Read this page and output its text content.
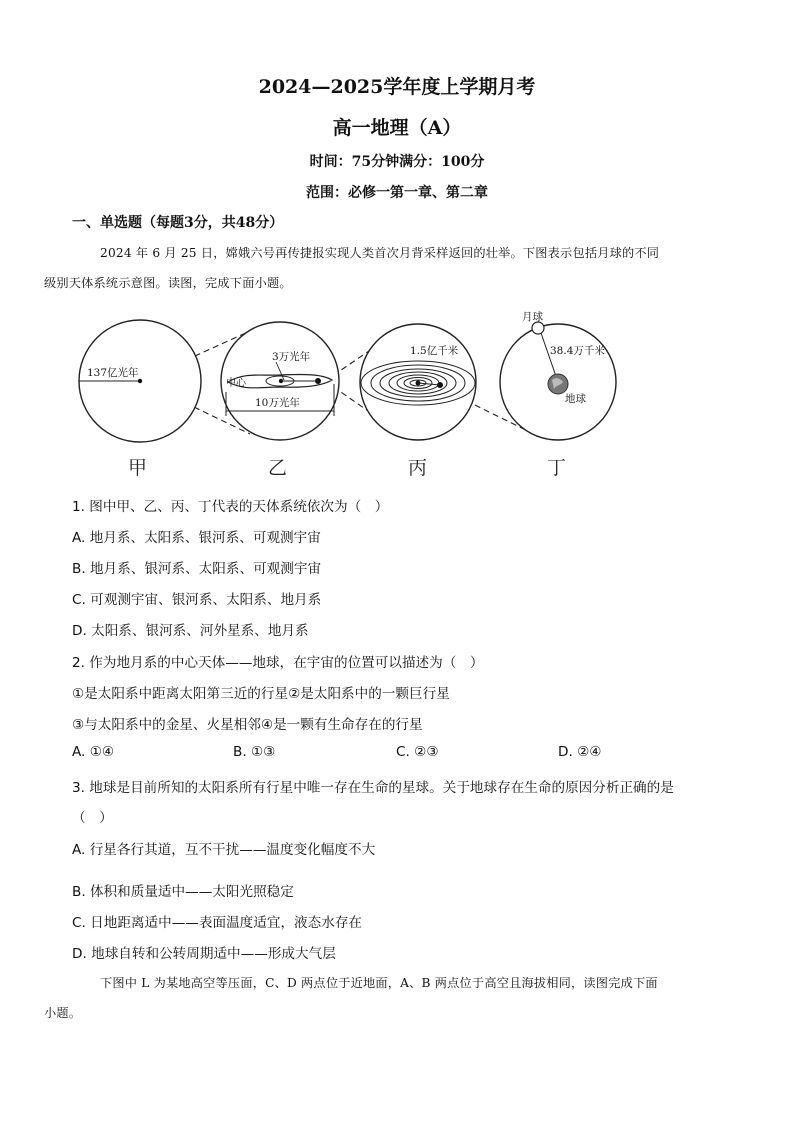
2024—2025学年度上学期月考
高一地理（A）
时间：75分钟满分：100分
范围：必修一第一章、第二章
一、单选题（每题3分，共48分）
2024 年 6 月 25 日，嫦娥六号再传捷报实现人类首次月背采样返回的壮举。下图表示包括月球的不同
级别天体系统示意图。读图，完成下面小题。
137亿光年
3万光年
中心
10万光年
1.5亿千米
月球
38.4万千米
地球
甲	乙	丙	丁
1. 图中甲、乙、丙、丁代表的天体系统依次为（　）
A. 地月系、太阳系、银河系、可观测宇宙
B. 地月系、银河系、太阳系、可观测宇宙
C. 可观测宇宙、银河系、太阳系、地月系
D. 太阳系、银河系、河外星系、地月系
2. 作为地月系的中心天体——地球，在宇宙的位置可以描述为（　）
①是太阳系中距离太阳第三近的行星②是太阳系中的一颗巨行星
③与太阳系中的金星、火星相邻④是一颗有生命存在的行星
A. ①④	B. ①③	C. ②③	D. ②④
3. 地球是目前所知的太阳系所有行星中唯一存在生命的星球。关于地球存在生命的原因分析正确的是
（　）
A. 行星各行其道，互不干扰——温度变化幅度不大
B. 体积和质量适中——太阳光照稳定
C. 日地距离适中——表面温度适宜，液态水存在
D. 地球自转和公转周期适中——形成大气层
下图中 L 为某地高空等压面，C、D 两点位于近地面，A、B 两点位于高空且海拔相同，读图完成下面
小题。
